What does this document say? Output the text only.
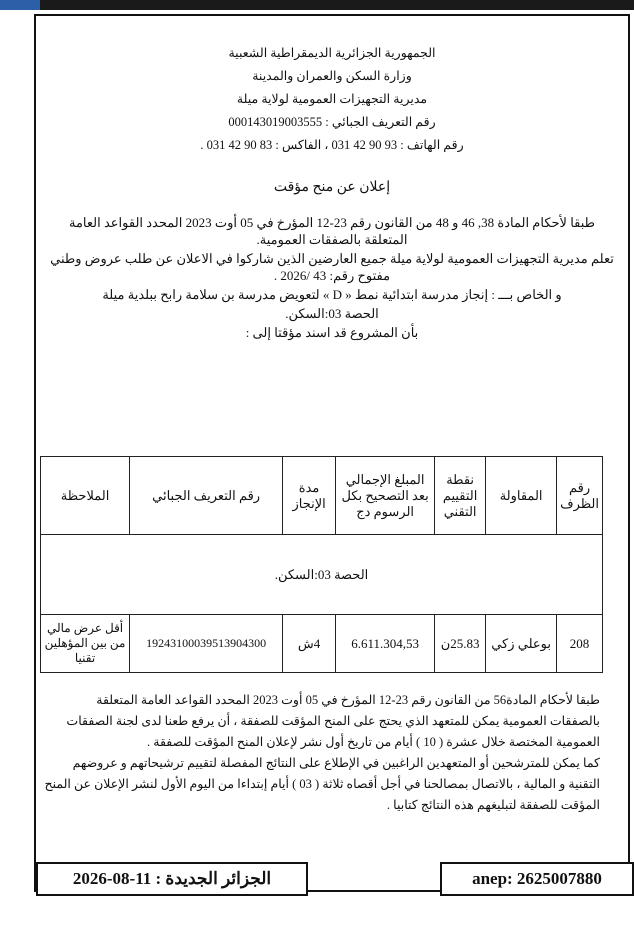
الجمهورية الجزائرية الديمقراطية الشعبية
وزارة السكن والعمران والمدينة
مديرية التجهيزات العمومية لولاية ميلة
رقم التعريف الجبائي : 000143019003555
رقم الهاتف : 93 90 42 031 ، الفاكس : 83 90 42 031 .
إعلان عن منح مؤقت

طبقا لأحكام المادة 38, 46 و 48 من القانون رقم 23-12 المؤرخ في 05 أوت 2023 المحدد القواعد العامة المتعلقة بالصفقات العمومية.

تعلم مديرية التجهيزات العمومية لولاية ميلة جميع العارضين الذين شاركوا في الاعلان عن طلب عروض وطني مفتوح رقم: 43 /2026 .

و الخاص بـــ : إنجاز مدرسة ابتدائية نمط « D » لتعويض مدرسة بن سلامة رابح ببلدية ميلة

الحصة 03:السكن.

بأن المشروع قد اسند مؤقتا إلى :

رقم الظرف	المقاولة	نقطة التقييم التقني	المبلغ الإجمالي بعد التصحيح بكل الرسوم دج	مدة الإنجاز	رقم التعريف الجبائي	الملاحظة
الحصة 03:السكن.						
208	بوعلي زكي	25.83ن	6.611.304,53	4ش	192431000395139043​00	أقل عرض مالي من بين المؤهلين تقنيا

طبقا لأحكام المادة56 من القانون رقم 23-12 المؤرخ في 05 أوت 2023 المحدد القواعد العامة المتعلقة بالصفقات العمومية يمكن للمتعهد الذي يحتج على المنح المؤقت للصفقة ، أن يرفع طعنا لدى لجنة الصفقات العمومية المختصة خلال عشرة ( 10 ) أيام من تاريخ أول نشر لإعلان المنح المؤقت للصفقة .

كما يمكن للمترشحين أو المتعهدين الراغبين في الإطلاع على النتائج المفصلة لتقييم ترشيحاتهم و عروضهم التقنية و المالية ، بالاتصال بمصالحنا في أجل أقصاه ثلاثة ( 03 ) أيام إبتداءا من اليوم الأول لنشر الإعلان عن المنح المؤقت للصفقة لتبليغهم هذه النتائج كتابيا .

الجزائر الجديدة : 11-08-2026	anep: 2625007880
